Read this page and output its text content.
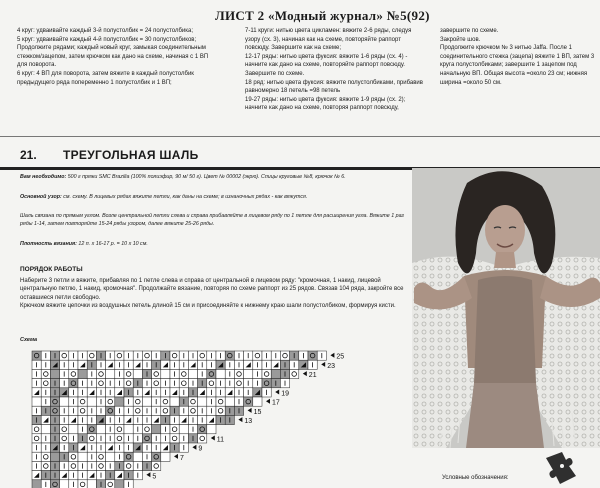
ЛИСТ 2 «Модный журнал» №5(92)
4 круг: удваивайте каждый 3-й полустолбик = 24 полустолбика;
5 круг: удваивайте каждый 4-й полустолбик = 30 полустолбиков;
Продолжите рядами; каждый новый круг, замыкая соединительным стежком/зацепом, затем крючком как дано на схеме, начиная с 1 ВП для поворота.
6 круг: 4 ВП для поворота, затем вяжите в каждый полустолбик предыдущего ряда попеременно 1 полустолбик и 1 ВП;
7-11 круги: нитью цвета цикламен: вяжите 2-6 ряды, следуя узору (сх. 3), начиная как на схеме, повторяйте раппорт повсюду. Завершите как на схеме;
12-17 ряды: нитью цвета фуксия: вяжите 1-6 ряды (сх. 4) - начните как дано на схеме, повторяйте раппорт повсюду. Завершите по схеме.
18 ряд: нитью цвета фуксия: вяжите полустолбиками, прибавив равномерно 18 петель =98 петель
19-27 ряды: нитью цвета фуксия: вяжите 1-9 ряды (сх. 2); начните как дано на схеме, повторяя раппорт повсюду,
завершите по схеме.
Закройте шов.
Продолжите крючком № 3 нитью Jaffa. После 1 соединительного стежка (зацепа) вяжите 1 ВП, затем 3 круга полустолбиками; завершите 1 зацепом под начальную ВП. Общая высота =около 23 см; нижняя ширина =около 50 см.
21. ТРЕУГОЛЬНАЯ ШАЛЬ
Вам необходимо: 500 г пряжи SMC Brazilia (100% полиэфир, 90 м/ 50 г). Цвет № 00002 (экрю). Спицы круговые №8, крючок № 6.
Основной узор: см. схему. В лицевых рядах вяжите петли, как даны на схеме; в изнаночных рядах - как вяжутся.
Шаль связана по прямым углом. Возле центральной петли слева и справа прибавляйте в лицевом ряду по 1 петле для расширения угла. Вяжите 1 раз ряды 1-14, затем повторяйте 15-24 ряды узором, далее вяжите 25-26 ряды.
Плотность вязания: 12 п. x 16-17 р. = 10 x 10 см.
ПОРЯДОК РАБОТЫ
Наберите 3 петли и вяжите, прибавляя по 1 петле слева и справа от центральной в лицевом ряду: "кромочная, 1 накид, лицевой центральную петлю, 1 накид, кромочная". Продолжайте вязание, повторяя по схеме раппорт из 25 рядов. Связав 104 ряда, закройте все оставшиеся петли свободно.
Крючком вяжите цепочки из воздушных петель длиной 15 см и присоединяйте к нижнему краю шали полустолбиком, формируя кисти.
Схема
25
23
21
19
17
15
13
11
9
7
5	Условные обозначения:
